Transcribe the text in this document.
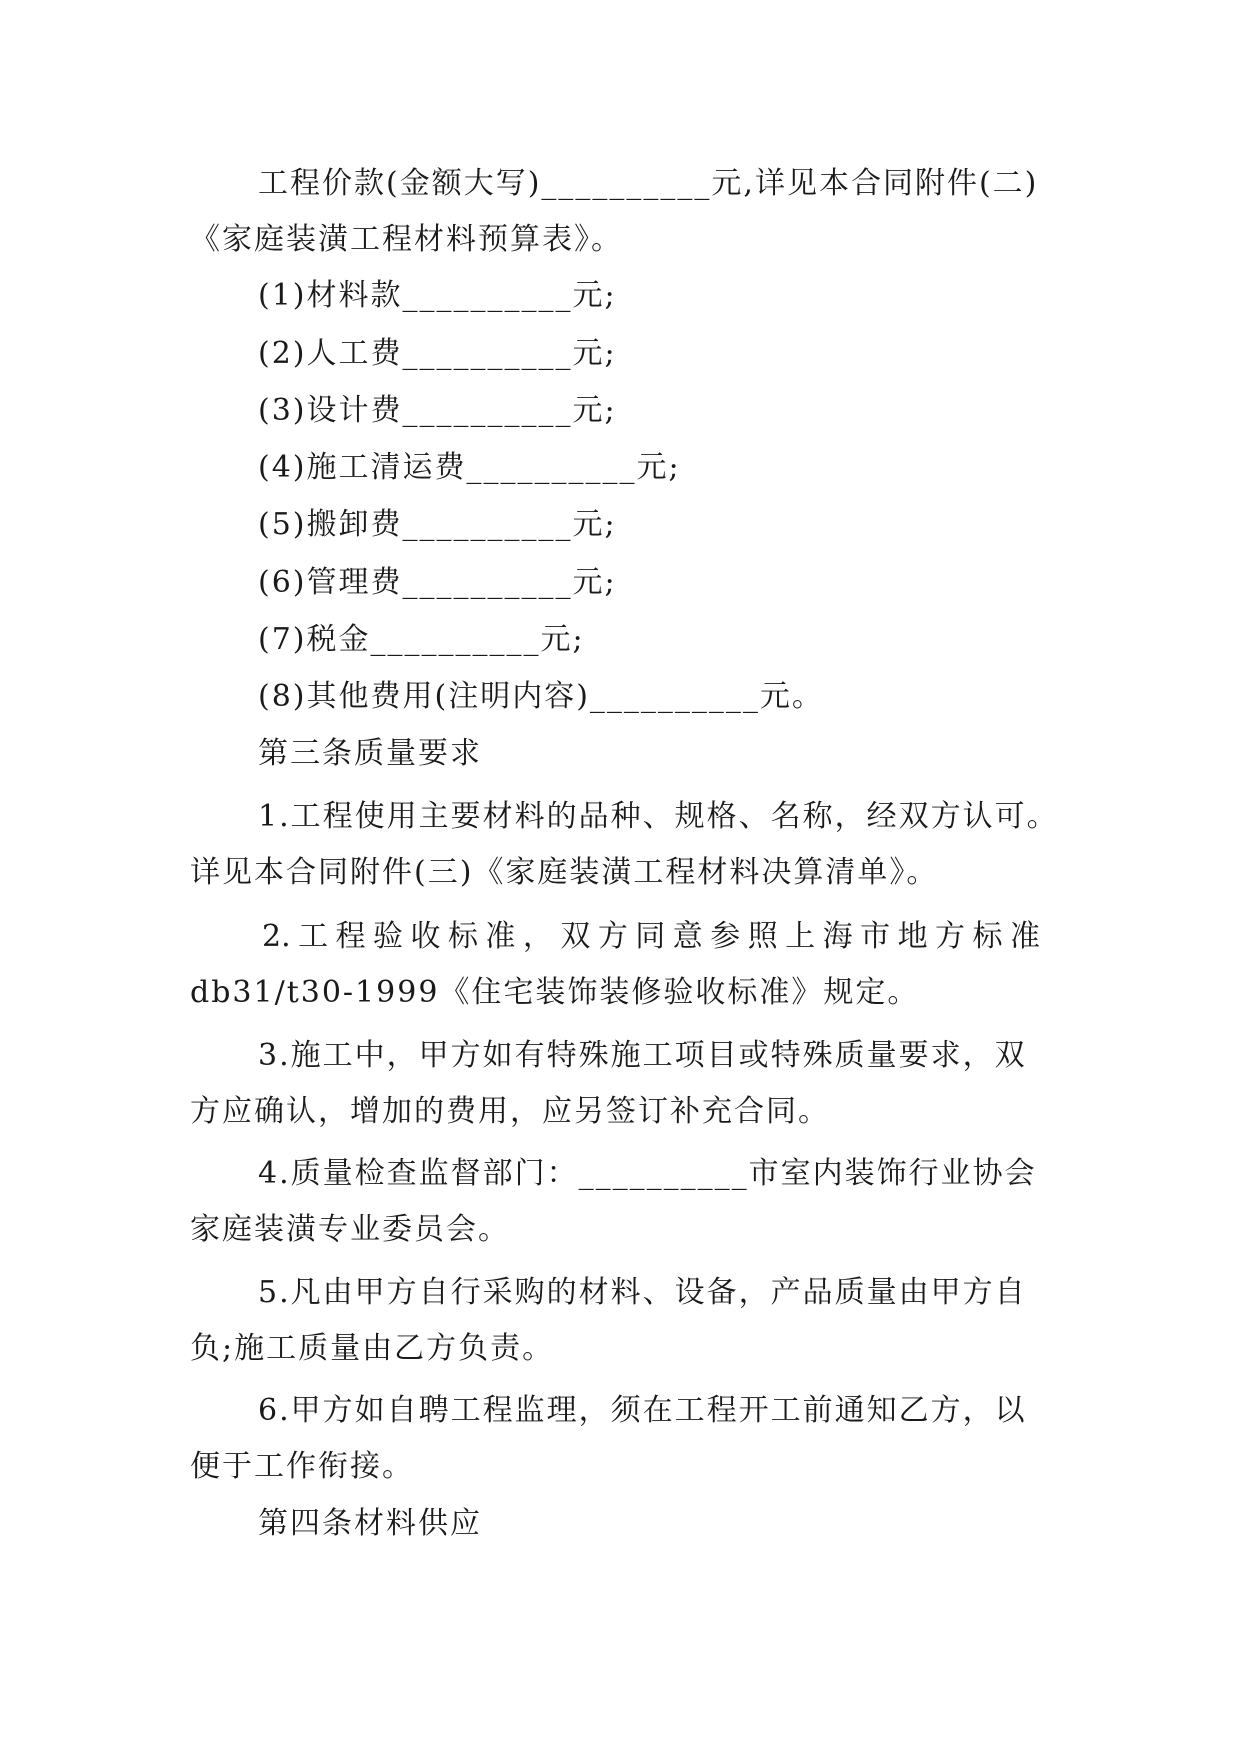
工程价款(金额大写)__________元,详见本合同附件(二)
《家庭装潢工程材料预算表》。
(1)材料款__________元;
(2)人工费__________元;
(3)设计费__________元;
(4)施工清运费__________元;
(5)搬卸费__________元;
(6)管理费__________元;
(7)税金__________元;
(8)其他费用(注明内容)__________元。
第三条质量要求
1.工程使用主要材料的品种、规格、名称，经双方认可。
详见本合同附件(三)《家庭装潢工程材料决算清单》。
2.工程验收标准，双方同意参照上海市地方标准
db31/t30-1999《住宅装饰装修验收标准》规定。
3.施工中，甲方如有特殊施工项目或特殊质量要求，双
方应确认，增加的费用，应另签订补充合同。
4.质量检查监督部门：__________市室内装饰行业协会
家庭装潢专业委员会。
5.凡由甲方自行采购的材料、设备，产品质量由甲方自
负;施工质量由乙方负责。
6.甲方如自聘工程监理，须在工程开工前通知乙方，以
便于工作衔接。
第四条材料供应
